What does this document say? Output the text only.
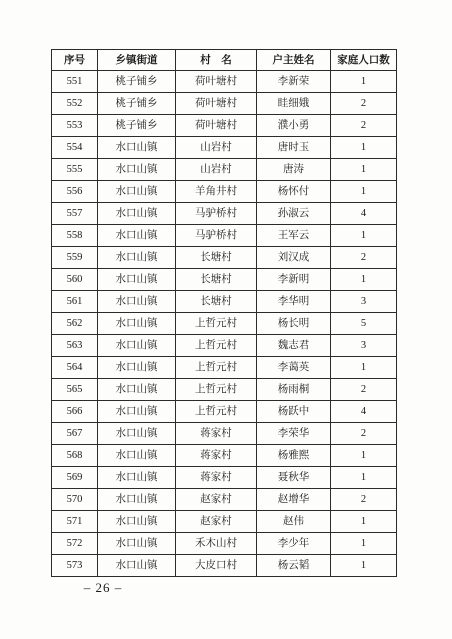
序号	乡镇街道	村　名	户主姓名	家庭人口数
551	桃子铺乡	荷叶塘村	李新荣	1
552	桃子铺乡	荷叶塘村	眭细娥	2
553	桃子铺乡	荷叶塘村	濮小勇	2
554	水口山镇	山岩村	唐时玉	1
555	水口山镇	山岩村	唐涛	1
556	水口山镇	羊角井村	杨怀付	1
557	水口山镇	马驴桥村	孙淑云	4
558	水口山镇	马驴桥村	王军云	1
559	水口山镇	长塘村	刘汉成	2
560	水口山镇	长塘村	李新明	1
561	水口山镇	长塘村	李华明	3
562	水口山镇	上哲元村	杨长明	5
563	水口山镇	上哲元村	魏志君	3
564	水口山镇	上哲元村	李蔼英	1
565	水口山镇	上哲元村	杨雨桐	2
566	水口山镇	上哲元村	杨跃中	4
567	水口山镇	蒋家村	李荣华	2
568	水口山镇	蒋家村	杨雅熙	1
569	水口山镇	蒋家村	聂秋华	1
570	水口山镇	赵家村	赵增华	2
571	水口山镇	赵家村	赵伟	1
572	水口山镇	禾木山村	李少年	1
573	水口山镇	大皮口村	杨云韬	1
– 26 –
